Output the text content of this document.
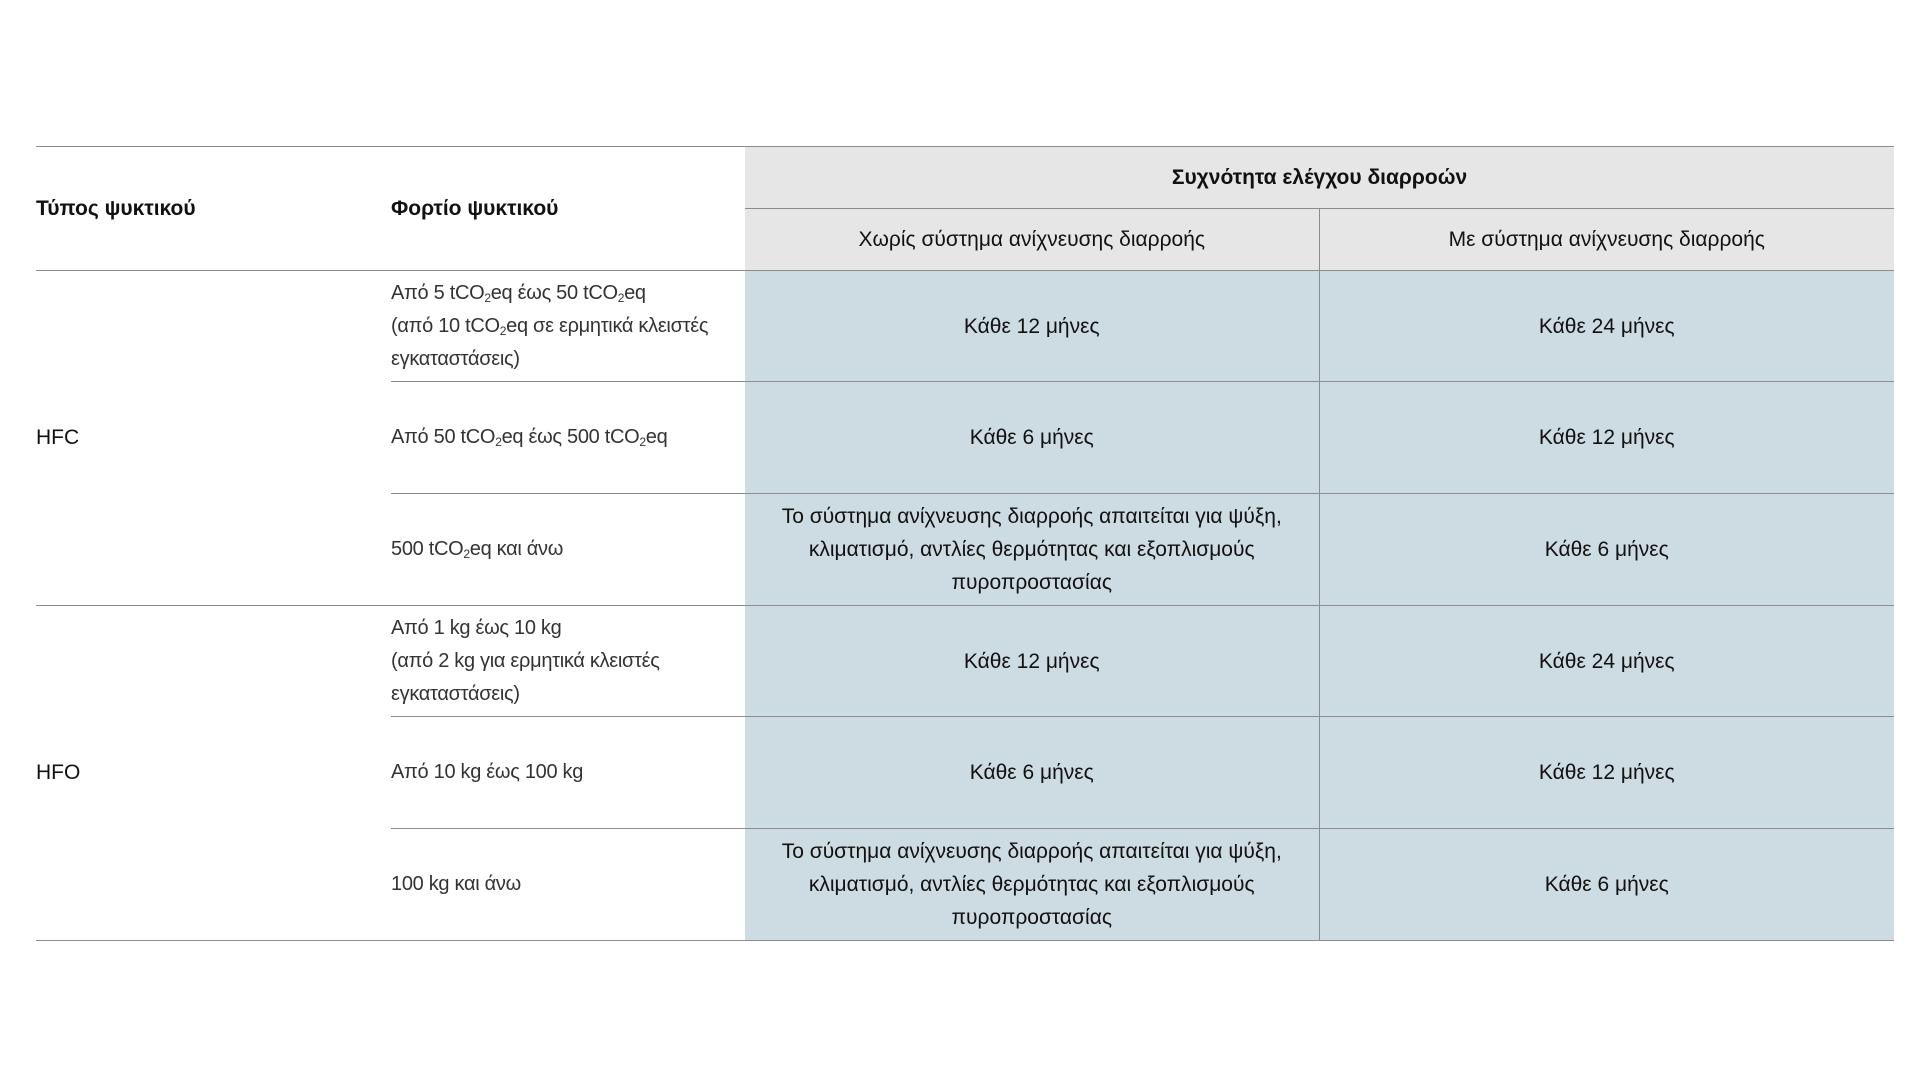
Τύπος ψυκτικού	Φορτίο ψυκτικού	Συχνότητα ελέγχου διαρροών	
		Χωρίς σύστημα ανίχνευσης διαρροής	Με σύστημα ανίχνευσης διαρροής
HFC	Από 5 tCO$_2$eq έως 50 tCO$_2$eq
(από 10 tCO$_2$eq σε ερμητικά κλειστές
εγκαταστάσεις)	Κάθε 12 μήνες	Κάθε 24 μήνες

	Από 50 tCO$_2$eq έως 500 tCO$_2$eq	Κάθε 6 μήνες	Κάθε 12 μήνες

	500 tCO$_2$eq και άνω	Το σύστημα ανίχνευσης διαρροής απαιτείται για ψύξη,
κλιματισμό, αντλίες θερμότητας και εξοπλισμούς
πυροπροστασίας	Κάθε 6 μήνες

HFO	Από 1 kg έως 10 kg
(από 2 kg για ερμητικά κλειστές
εγκαταστάσεις)	Κάθε 12 μήνες	Κάθε 24 μήνες

	Από 10 kg έως 100 kg	Κάθε 6 μήνες	Κάθε 12 μήνες

	100 kg και άνω	Το σύστημα ανίχνευσης διαρροής απαιτείται για ψύξη,
κλιματισμό, αντλίες θερμότητας και εξοπλισμούς
πυροπροστασίας	Κάθε 6 μήνες
